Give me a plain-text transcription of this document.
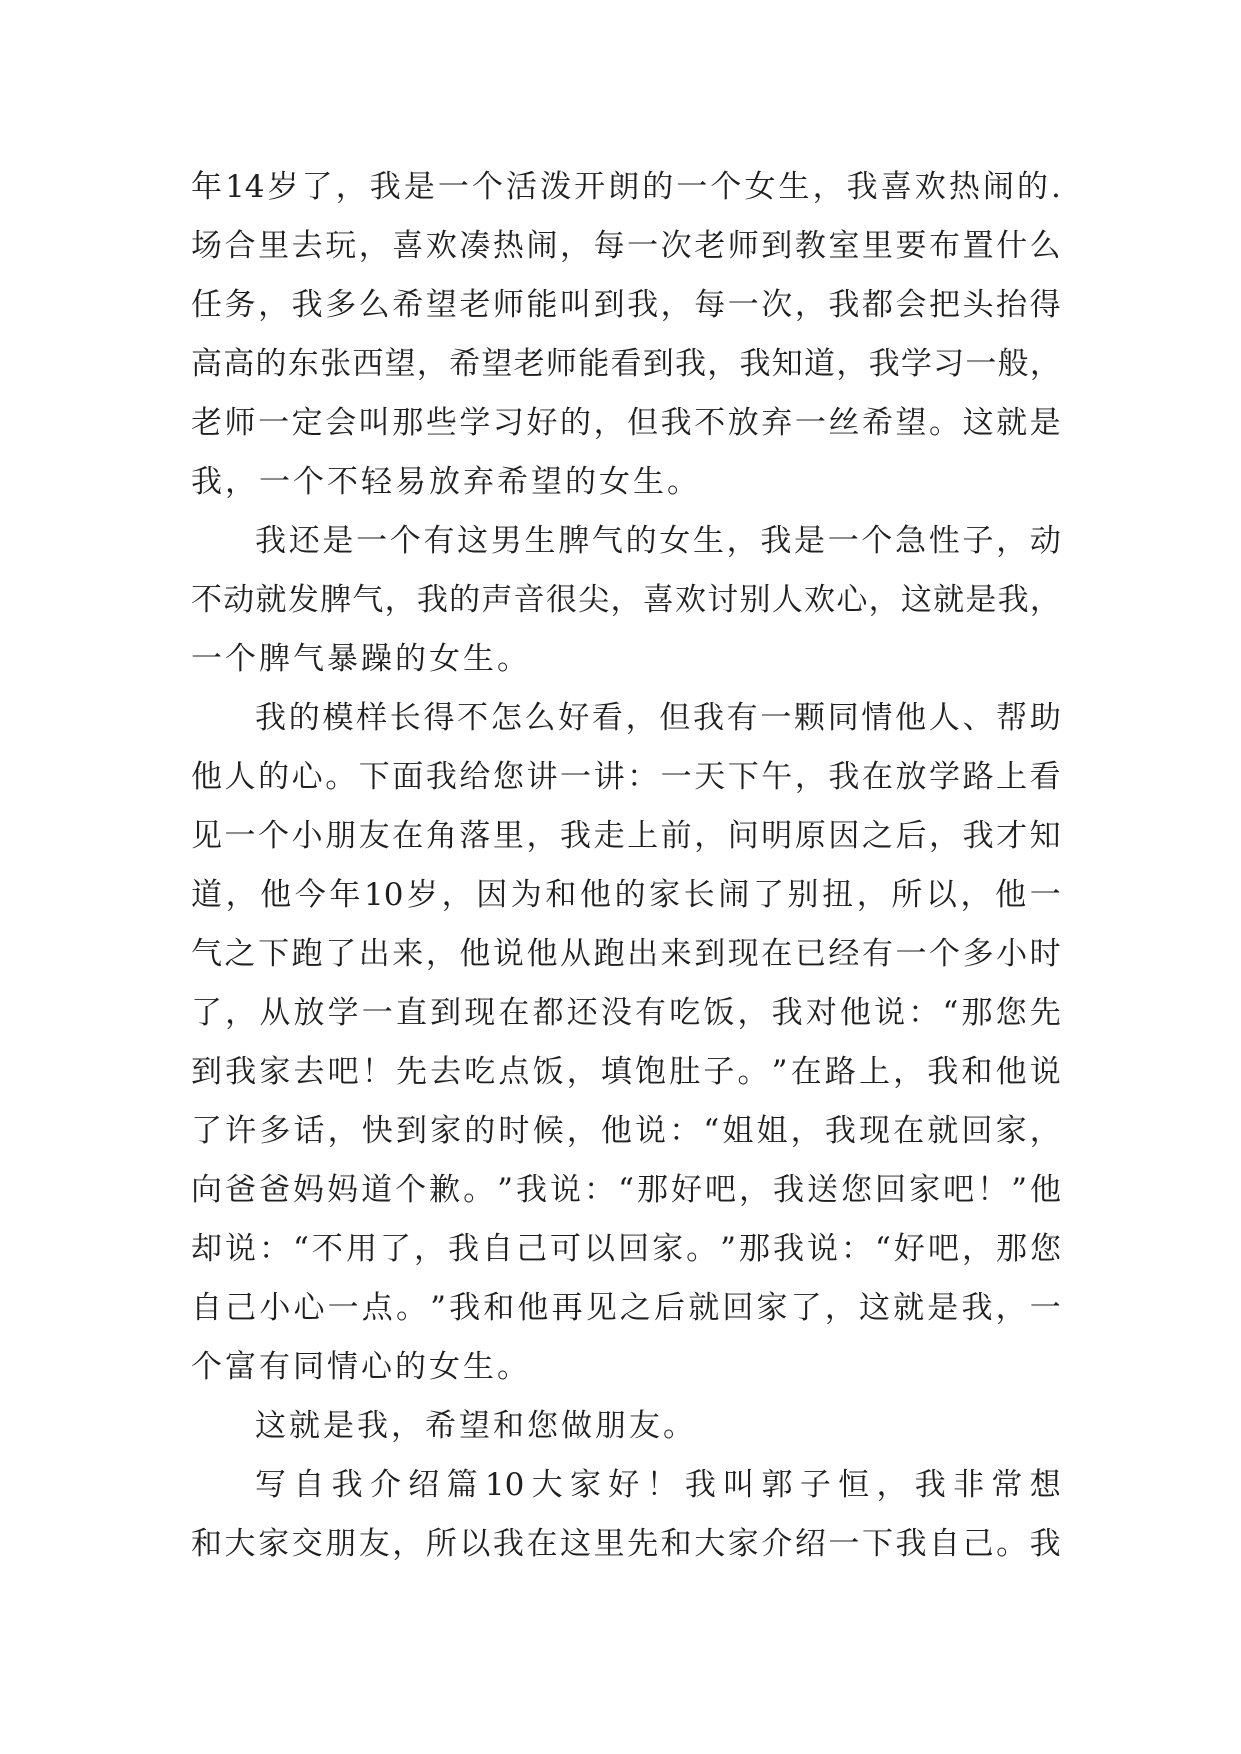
年 14 岁 了 ， 我 是 一 个 活 泼 开 朗 的 一 个 女 生 ， 我 喜 欢 热 闹 的 .
场 合 里 去 玩 ， 喜 欢 凑 热 闹 ， 每 一 次 老 师 到 教 室 里 要 布 置 什 么
任 务 ， 我 多 么 希 望 老 师 能 叫 到 我 ， 每 一 次 ， 我 都 会 把 头 抬 得
高 高 的 东 张 西 望 ， 希 望 老 师 能 看 到 我 ， 我 知 道 ， 我 学 习 一 般 ，
老 师 一 定 会 叫 那 些 学 习 好 的 ， 但 我 不 放 弃 一 丝 希 望 。 这 就 是
我 ， 一 个 不 轻 易 放 弃 希 望 的 女 生 。
我 还 是 一 个 有 这 男 生 脾 气 的 女 生 ， 我 是 一 个 急 性 子 ， 动
不 动 就 发 脾 气 ， 我 的 声 音 很 尖 ， 喜 欢 讨 别 人 欢 心 ， 这 就 是 我 ，
一 个 脾 气 暴 躁 的 女 生 。
我 的 模 样 长 得 不 怎 么 好 看 ， 但 我 有 一 颗 同 情 他 人 、 帮 助
他 人 的 心 。 下 面 我 给 您 讲 一 讲 ： 一 天 下 午 ， 我 在 放 学 路 上 看
见 一 个 小 朋 友 在 角 落 里 ， 我 走 上 前 ， 问 明 原 因 之 后 ， 我 才 知
道 ， 他 今 年 10 岁 ， 因 为 和 他 的 家 长 闹 了 别 扭 ， 所 以 ， 他 一
气 之 下 跑 了 出 来 ， 他 说 他 从 跑 出 来 到 现 在 已 经 有 一 个 多 小 时
了 ， 从 放 学 一 直 到 现 在 都 还 没 有 吃 饭 ， 我 对 他 说 ： “ 那 您 先
到 我 家 去 吧 ！ 先 去 吃 点 饭 ， 填 饱 肚 子 。 ” 在 路 上 ， 我 和 他 说
了 许 多 话 ， 快 到 家 的 时 候 ， 他 说 ： “ 姐 姐 ， 我 现 在 就 回 家 ，
向 爸 爸 妈 妈 道 个 歉 。 ” 我 说 ： “ 那 好 吧 ， 我 送 您 回 家 吧 ！ ” 他
却 说 ： “ 不 用 了 ， 我 自 己 可 以 回 家 。 ” 那 我 说 ： “ 好 吧 ， 那 您
自 己 小 心 一 点 。 ” 我 和 他 再 见 之 后 就 回 家 了 ， 这 就 是 我 ， 一
个 富 有 同 情 心 的 女 生 。
这 就 是 我 ， 希 望 和 您 做 朋 友 。
写 自 我 介 绍 篇 10 大 家 好 ！ 我 叫 郭 子 恒 ， 我 非 常 想
和 大 家 交 朋 友 ， 所 以 我 在 这 里 先 和 大 家 介 绍 一 下 我 自 己 。 我
